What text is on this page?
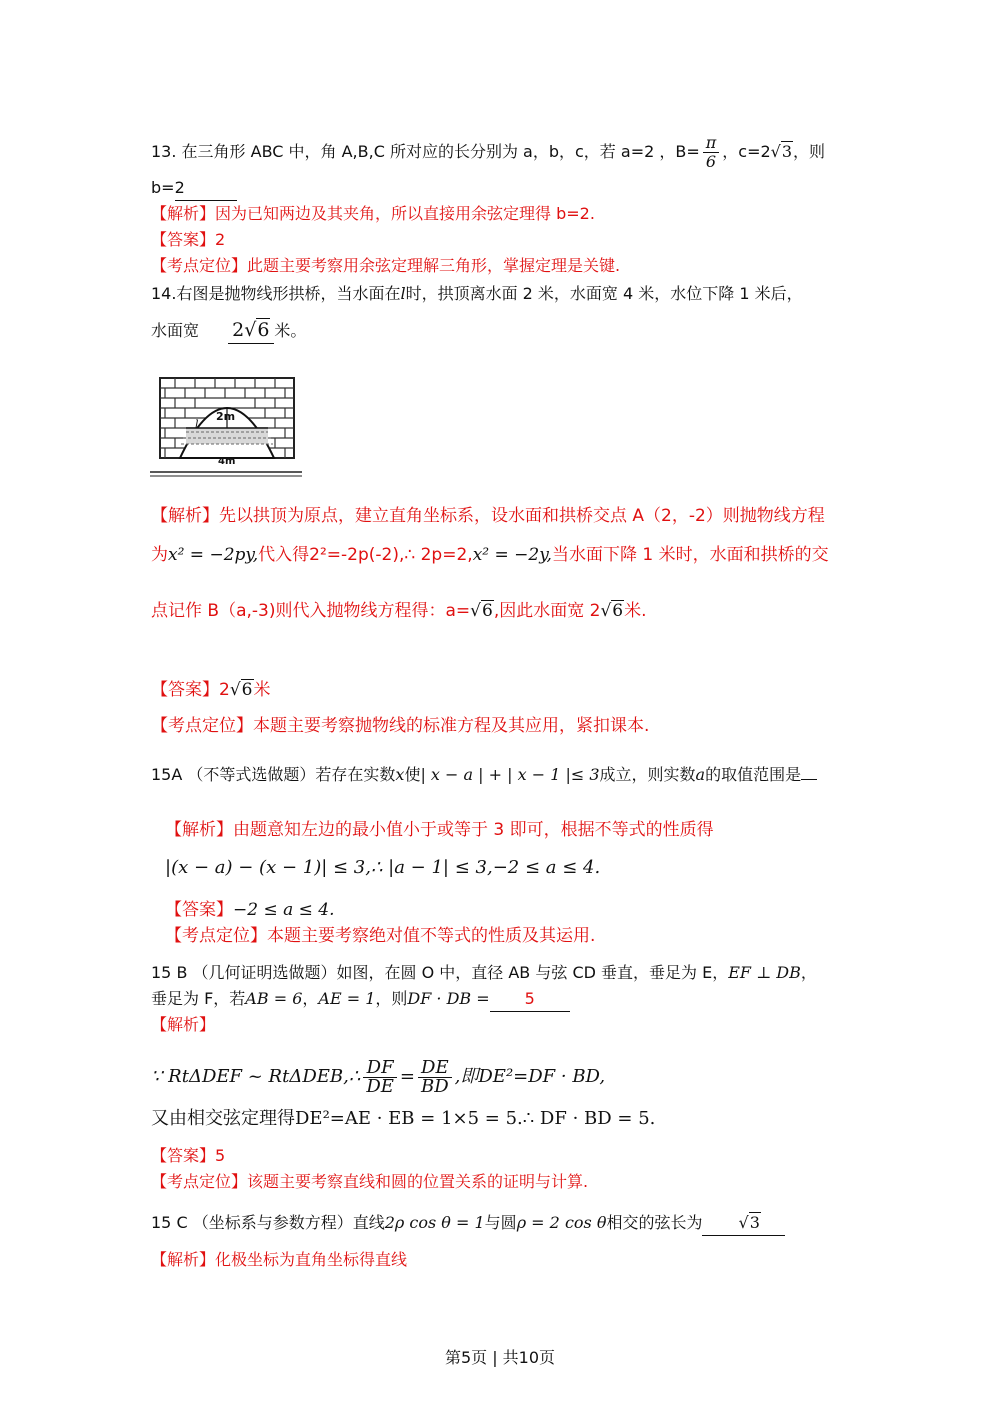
13. 在三角形 ABC 中，角 A,B,C 所对应的长分别为 a，b，c，若 a=2 ，$B= \frac{\pi}{6}$ ，c=2√3，则
b=2
【解析】因为已知两边及其夹角，所以直接用余弦定理得 b=2.
【答案】2
【考点定位】此题主要考察用余弦定理解三角形，掌握定理是关键.
14.右图是抛物线形拱桥，当水面在l时，拱顶离水面 2 米，水面宽 4 米，水位下降 1 米后，
水面宽 2√6 米。
2m
l
4m
【解析】先以拱顶为原点，建立直角坐标系，设水面和拱桥交点 A（2，-2）则抛物线方程
为x² = −2py,代入得2²=-2p(-2),∴ 2p=2,x² = −2y,当水面下降 1 米时，水面和拱桥的交
点记作 B（a,-3)则代入抛物线方程得：a=√6,因此水面宽 2√6米.
【答案】2√6米
【考点定位】本题主要考察抛物线的标准方程及其应用，紧扣课本.
15A （不等式选做题）若存在实数x使| x − a | + | x − 1 |≤ 3成立，则实数a的取值范围是
【解析】由题意知左边的最小值小于或等于 3 即可，根据不等式的性质得
|(x − a) − (x − 1)| ≤ 3,∴ |a − 1| ≤ 3,−2 ≤ a ≤ 4.
【答案】−2 ≤ a ≤ 4.
【考点定位】本题主要考察绝对值不等式的性质及其运用.
15 B （几何证明选做题）如图，在圆 O 中，直径 AB 与弦 CD 垂直，垂足为 E，EF ⊥ DB，
垂足为 F，若AB = 6，AE = 1，则DF · DB = 5
【解析】
∵ RtΔDEF ~ RtΔDEB,∴ $\frac{DF}{DE} = \frac{DE}{BD}$ ,即DE²=DF · BD,
又由相交弦定理得DE²=AE · EB = 1×5 = 5.∴ DF · BD = 5.
【答案】5
【考点定位】该题主要考察直线和圆的位置关系的证明与计算.
15 C （坐标系与参数方程）直线2ρ cos θ = 1与圆ρ = 2 cos θ相交的弦长为 √3
【解析】化极坐标为直角坐标得直线
第5页 | 共10页
